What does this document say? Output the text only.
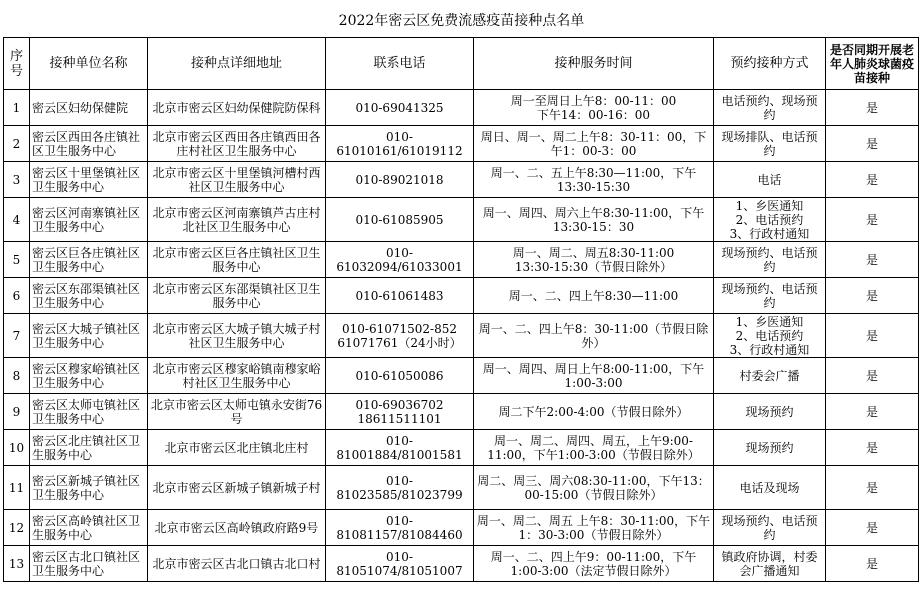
2022年密云区免费流感疫苗接种点名单
序号	接种单位名称	接种点详细地址	联系电话	接种服务时间	预约接种方式	是否同期开展老年人肺炎球菌疫苗接种
1	密云区妇幼保健院	北京市密云区妇幼保健院防保科	010-69041325	周一至周日上午8：00-11：00
下午14：00-16：00	电话预约、现场预约	是
2	密云区西田各庄镇社区卫生服务中心	北京市密云区西田各庄镇西田各庄村社区卫生服务中心	010-61010161/61019112	周日、周一、周二上午8：30-11：00，下午1：00-3：00	现场排队、电话预约	是
3	密云区十里堡镇社区卫生服务中心	北京市密云区十里堡镇河槽村西社区卫生服务中心	010-89021018	周一、二、五上午8:30—11:00，下午13:30-15:30	电话	是
4	密云区河南寨镇社区卫生服务中心	北京市密云区河南寨镇芦古庄村北社区卫生服务中心	010-61085905	周一、周四、周六上午8:30-11:00，下午13:30-15：30	1、乡医通知
2、电话预约
3、行政村通知	是
5	密云区巨各庄镇社区卫生服务中心	北京市密云区巨各庄镇社区卫生服务中心	010-61032094/61033001	周一、周二、周五8:30-11:00
13:30-15:30（节假日除外）	现场预约、电话预约	是
6	密云区东邵渠镇社区卫生服务中心	北京市密云区东邵渠镇社区卫生服务中心	010-61061483	周一、二、四上午8:30—11:00	现场预约、电话预约	是
7	密云区大城子镇社区卫生服务中心	北京市密云区大城子镇大城子村社区卫生服务中心	010-61071502-852
61071761（24小时）	周一、二、四上午8：30-11:00（节假日除外）	1、乡医通知
2、电话预约
3、行政村通知	是
8	密云区穆家峪镇社区卫生服务中心	北京市密云区穆家峪镇南穆家峪村社区卫生服务中心	010-61050086	周一、周四、周日上午8:00-11:00，下午1:00-3:00	村委会广播	是
9	密云区太师屯镇社区卫生服务中心	北京市密云区太师屯镇永安街76号	010-69036702
18611511101	周二下午2:00-4:00（节假日除外）	现场预约	是
10	密云区北庄镇社区卫生服务中心	北京市密云区北庄镇北庄村	010-81001884/81001581	周一、周二、周四、周五，上午9:00-11:00，下午1:00-3:00（节假日除外）	现场预约	是
11	密云区新城子镇社区卫生服务中心	北京市密云区新城子镇新城子村	010-81023585/81023799	周二、周三、周六08:30-11:00，下午13：00-15:00（节假日除外）	电话及现场	是
12	密云区高岭镇社区卫生服务中心	北京市密云区高岭镇政府路9号	010-81081157/81084460	周一、周二、周五 上午8：30-11:00，下午1：30-3:00（节假日除外）	现场预约、电话预约	是
13	密云区古北口镇社区卫生服务中心	北京市密云区古北口镇古北口村	010-81051074/81051007	周一、二、四上午9：00-11:00，下午1:00-3:00（法定节假日除外）	镇政府协调，村委会广播通知	是
